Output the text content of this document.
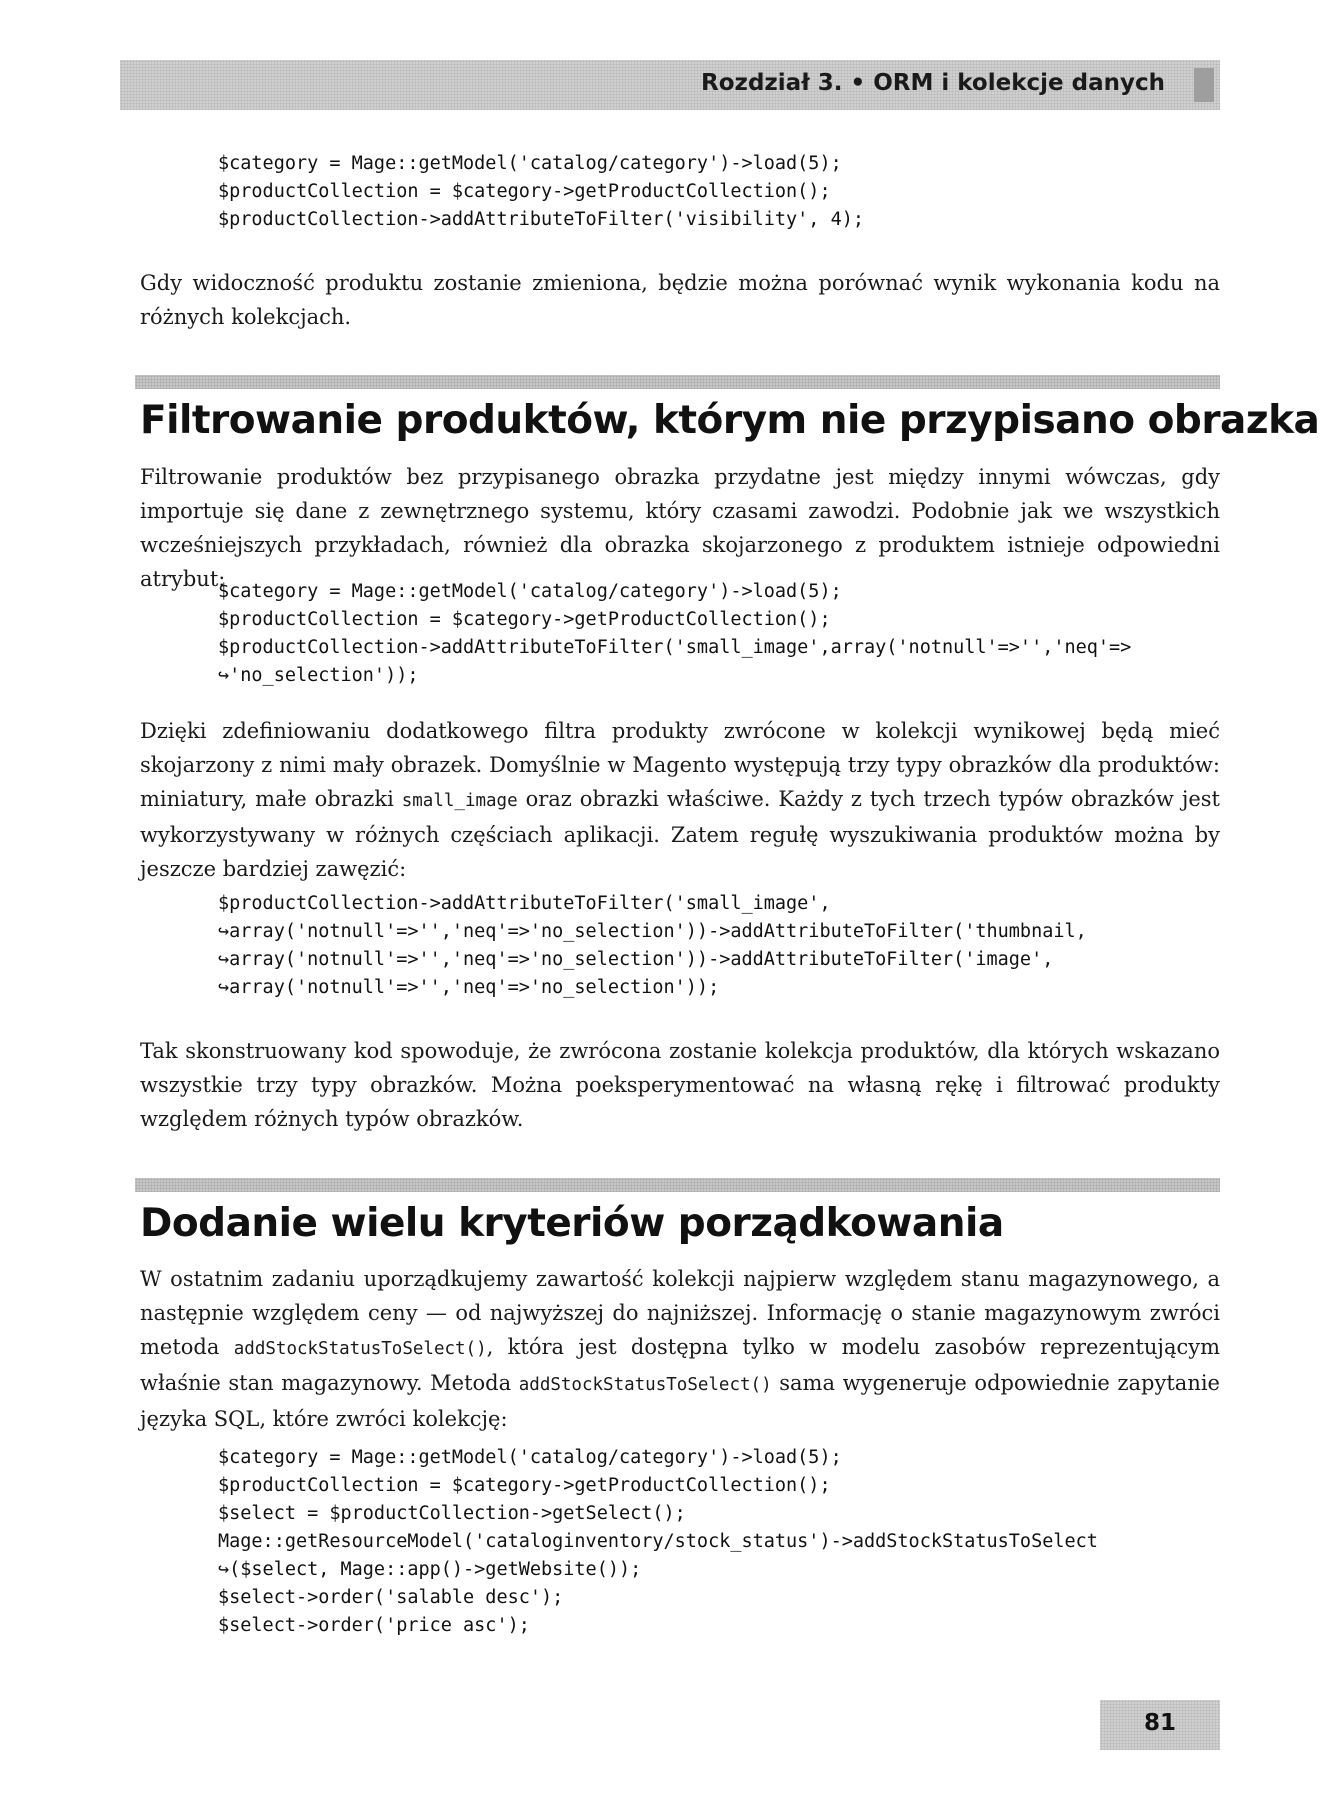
Rozdział 3. • ORM i kolekcje danych
$category = Mage::getModel('catalog/category')->load(5);
$productCollection = $category->getProductCollection();
$productCollection->addAttributeToFilter('visibility', 4);

Gdy widoczność produktu zostanie zmieniona, będzie można porównać wynik wykonania kodu na różnych kolekcjach.

Filtrowanie produktów, którym nie przypisano obrazka

Filtrowanie produktów bez przypisanego obrazka przydatne jest między innymi wówczas, gdy importuje się dane z zewnętrznego systemu, który czasami zawodzi. Podobnie jak we wszystkich wcześniejszych przykładach, również dla obrazka skojarzonego z produktem istnieje odpowiedni atrybut:

$category = Mage::getModel('catalog/category')->load(5);
$productCollection = $category->getProductCollection();
$productCollection->addAttributeToFilter('small_image',array('notnull'=>'','neq'=>
↪'no_selection'));

Dzięki zdefiniowaniu dodatkowego filtra produkty zwrócone w kolekcji wynikowej będą mieć skojarzony z nimi mały obrazek. Domyślnie w Magento występują trzy typy obrazków dla produktów: miniatury, małe obrazki small_image oraz obrazki właściwe. Każdy z tych trzech typów obrazków jest wykorzystywany w różnych częściach aplikacji. Zatem regułę wyszukiwania produktów można by jeszcze bardziej zawęzić:

$productCollection->addAttributeToFilter('small_image',
↪array('notnull'=>'','neq'=>'no_selection'))->addAttributeToFilter('thumbnail,
↪array('notnull'=>'','neq'=>'no_selection'))->addAttributeToFilter('image',
↪array('notnull'=>'','neq'=>'no_selection'));

Tak skonstruowany kod spowoduje, że zwrócona zostanie kolekcja produktów, dla których wskazano wszystkie trzy typy obrazków. Można poeksperymentować na własną rękę i filtrować produkty względem różnych typów obrazków.

Dodanie wielu kryteriów porządkowania

W ostatnim zadaniu uporządkujemy zawartość kolekcji najpierw względem stanu magazynowego, a następnie względem ceny — od najwyższej do najniższej. Informację o stanie magazynowym zwróci metoda addStockStatusToSelect(), która jest dostępna tylko w modelu zasobów reprezentującym właśnie stan magazynowy. Metoda addStockStatusToSelect() sama wygeneruje odpowiednie zapytanie języka SQL, które zwróci kolekcję:

$category = Mage::getModel('catalog/category')->load(5);
$productCollection = $category->getProductCollection();
$select = $productCollection->getSelect();
Mage::getResourceModel('cataloginventory/stock_status')->addStockStatusToSelect
↪($select, Mage::app()->getWebsite());
$select->order('salable desc');
$select->order('price asc');
81
